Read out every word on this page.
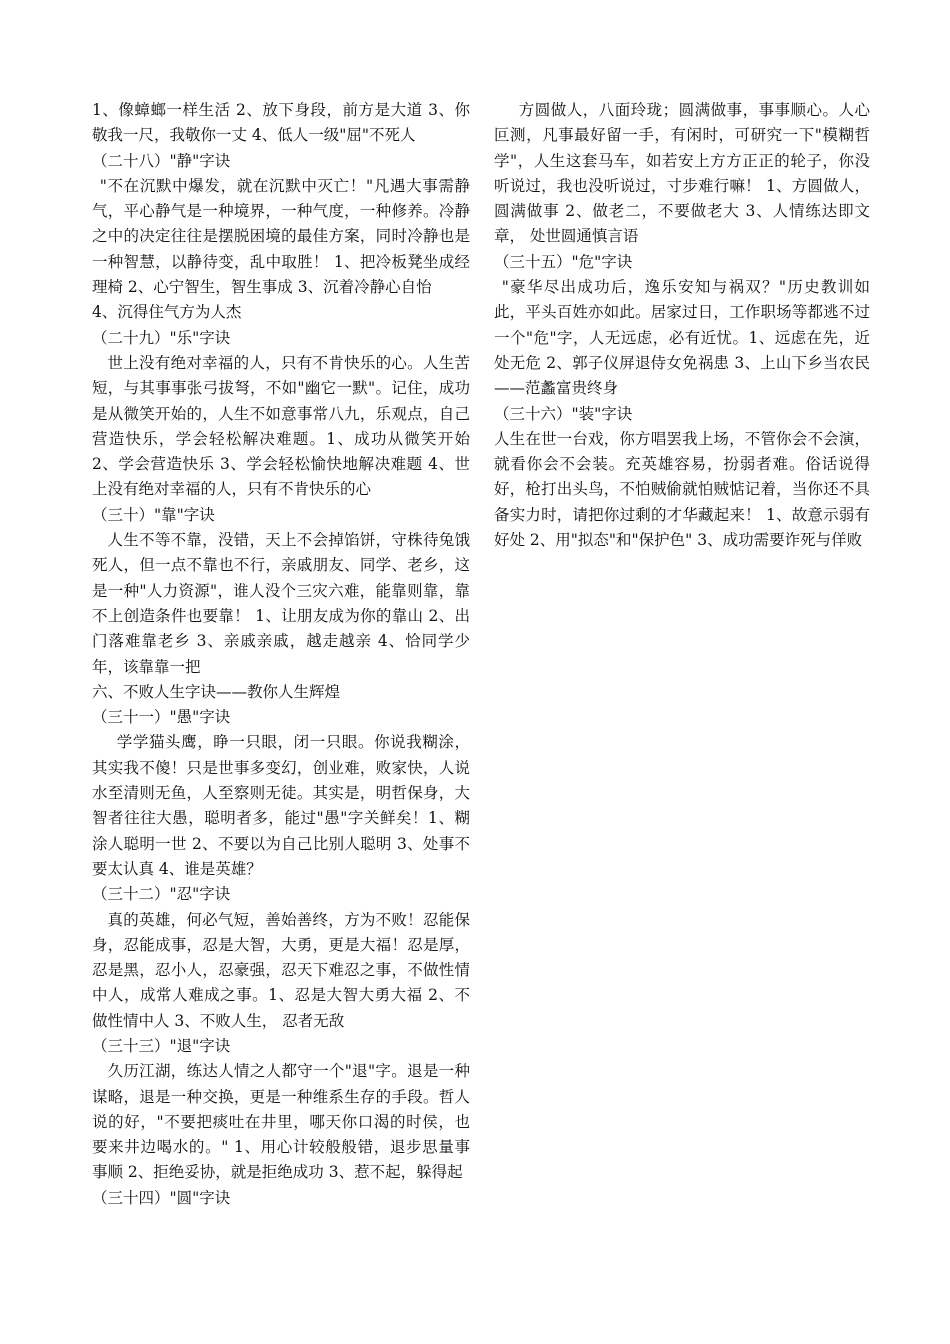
1、像蟑螂一样生活 2、放下身段，前方是大道 3、你敬我一尺，我敬你一丈 4、低人一级"屈"不死人

（二十八）"静"字诀

"不在沉默中爆发，就在沉默中灭亡！"凡遇大事需静气，平心静气是一种境界，一种气度，一种修养。冷静之中的决定往往是摆脱困境的最佳方案，同时冷静也是一种智慧，以静待变，乱中取胜！ 1、把冷板凳坐成经理椅 2、心宁智生，智生事成 3、沉着冷静心自怡

4、沉得住气方为人杰

（二十九）"乐"字诀

世上没有绝对幸福的人，只有不肯快乐的心。人生苦短，与其事事张弓拔弩，不如"幽它一默"。记住，成功是从微笑开始的，人生不如意事常八九，乐观点，自己营造快乐，学会轻松解决难题。1、成功从微笑开始 2、学会营造快乐 3、学会轻松愉快地解决难题 4、世上没有绝对幸福的人，只有不肯快乐的心

（三十）"靠"字诀

人生不等不靠，没错，天上不会掉馅饼，守株待兔饿死人，但一点不靠也不行，亲戚朋友、同学、老乡，这是一种"人力资源"，谁人没个三灾六难，能靠则靠，靠不上创造条件也要靠！ 1、让朋友成为你的靠山 2、出门落难靠老乡 3、亲戚亲戚，越走越亲 4、恰同学少年，该靠靠一把

六、不败人生字诀——教你人生辉煌

（三十一）"愚"字诀

学学猫头鹰，睁一只眼，闭一只眼。你说我糊涂，其实我不傻！只是世事多变幻，创业难，败家快，人说水至清则无鱼，人至察则无徒。其实是，明哲保身，大智者往往大愚，聪明者多，能过"愚"字关鲜矣！1、糊涂人聪明一世 2、不要以为自己比别人聪明 3、处事不要太认真 4、谁是英雄？

（三十二）"忍"字诀

真的英雄，何必气短，善始善终，方为不败！忍能保身，忍能成事，忍是大智，大勇，更是大福！忍是厚，忍是黑，忍小人，忍豪强，忍天下难忍之事，不做性情中人，成常人难成之事。1、忍是大智大勇大福 2、不做性情中人 3、不败人生， 忍者无敌

（三十三）"退"字诀

久历江湖，练达人情之人都守一个"退"字。退是一种谋略，退是一种交换，更是一种维系生存的手段。哲人说的好，"不要把痰吐在井里，哪天你口渴的时侯，也要来井边喝水的。" 1、用心计较般般错，退步思量事事顺 2、拒绝妥协，就是拒绝成功 3、惹不起，躲得起

（三十四）"圆"字诀

方圆做人，八面玲珑；圆满做事，事事顺心。人心叵测，凡事最好留一手，有闲时，可研究一下"模糊哲学"，人生这套马车，如若安上方方正正的轮子，你没听说过，我也没听说过，寸步难行嘛！ 1、方圆做人，圆满做事 2、做老二，不要做老大 3、人情练达即文章， 处世圆通慎言语

（三十五）"危"字诀

"豪华尽出成功后，逸乐安知与祸双？"历史教训如此，平头百姓亦如此。居家过日，工作职场等都逃不过一个"危"字，人无远虑，必有近忧。1、远虑在先，近处无危 2、郭子仪屏退侍女免祸患 3、上山下乡当农民——范蠡富贵终身

（三十六）"装"字诀

人生在世一台戏，你方唱罢我上场，不管你会不会演，就看你会不会装。充英雄容易，扮弱者难。俗话说得好，枪打出头鸟，不怕贼偷就怕贼惦记着，当你还不具备实力时，请把你过剩的才华藏起来！ 1、故意示弱有好处 2、用"拟态"和"保护色" 3、成功需要诈死与佯败
